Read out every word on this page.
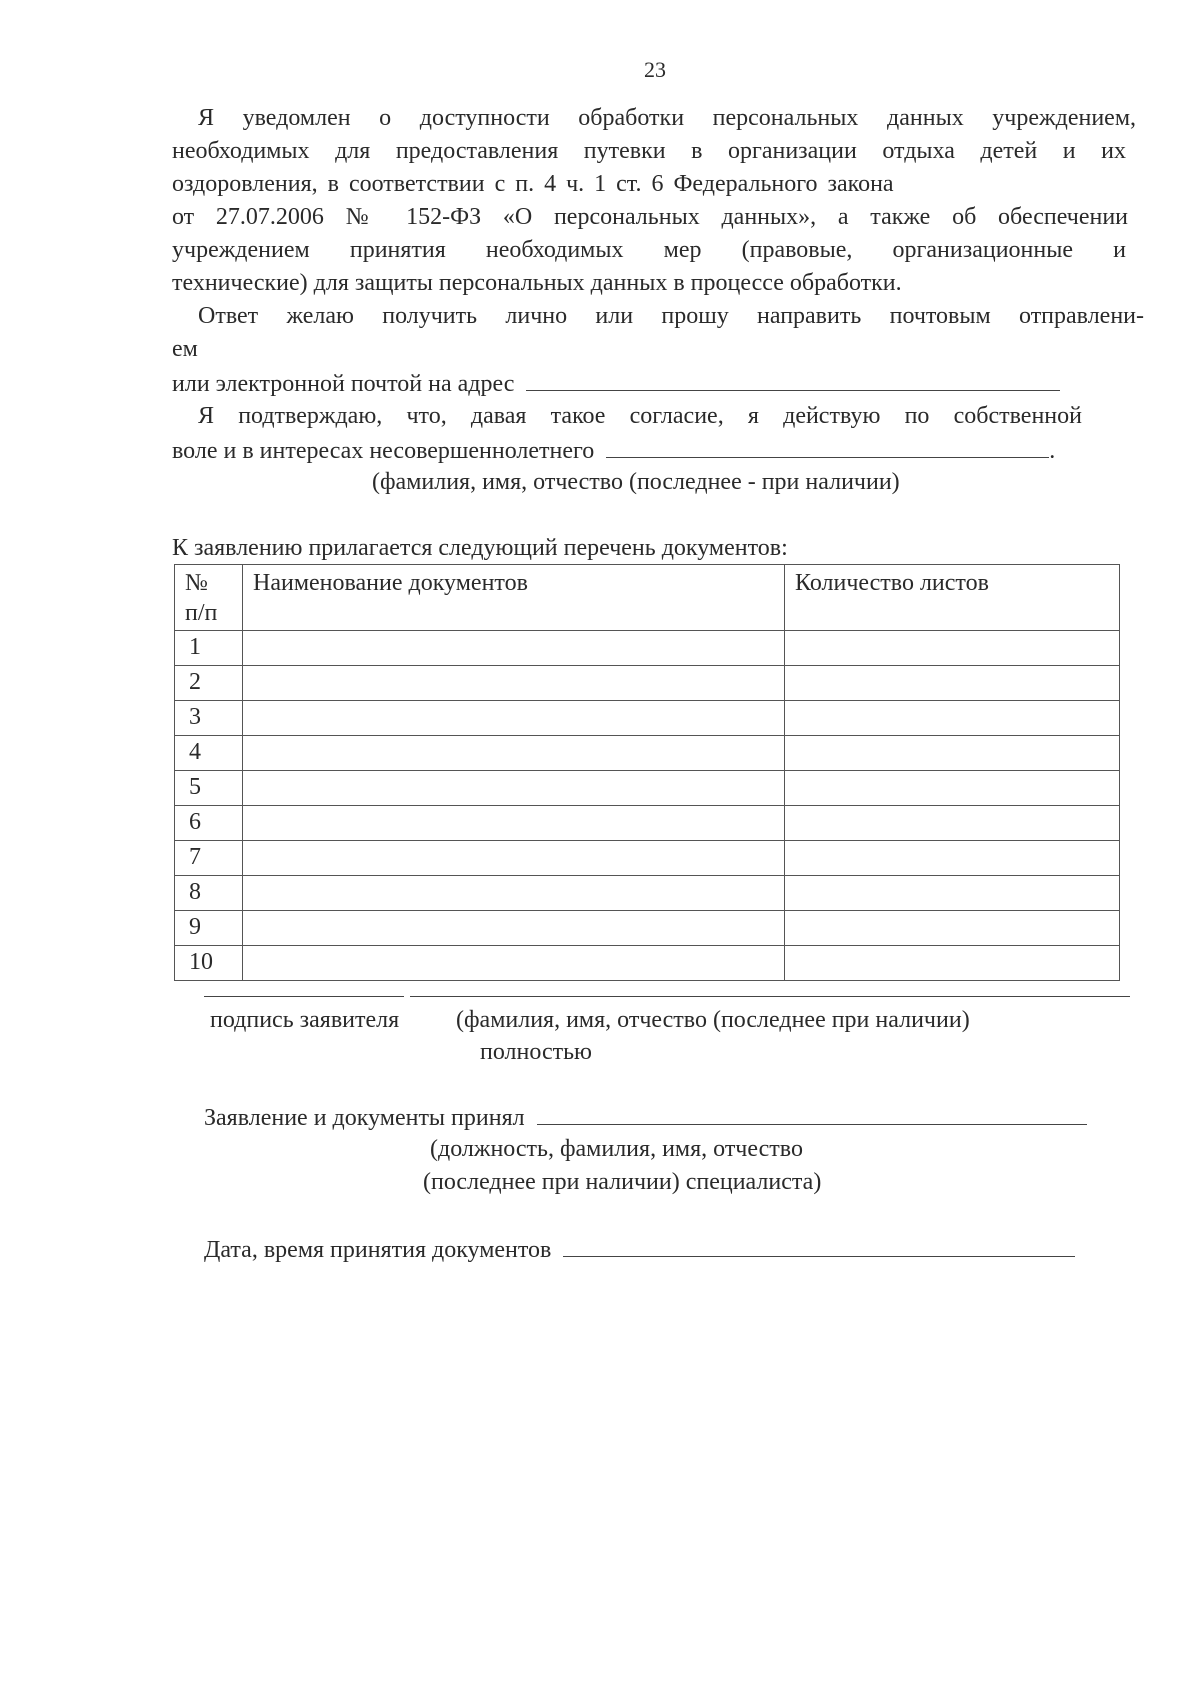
23
Я уведомлен о доступности обработки персональных данных учреждением,
необходимых для предоставления путевки в организации отдыха детей и их
оздоровления, в соответствии с п. 4 ч. 1 ст. 6 Федерального закона
от 27.07.2006 № 152-ФЗ «О персональных данных», а также об обеспечении
учреждением принятия необходимых мер (правовые, организационные и
технические) для защиты персональных данных в процессе обработки.
Ответ желаю получить лично или прошу направить почтовым отправлени-
ем
или электронной почтой на адрес
Я подтверждаю, что, давая такое согласие, я действую по собственной
воле и в интересах несовершеннолетнего	.
(фамилия, имя, отчество (последнее - при наличии)
К заявлению прилагается следующий перечень документов:
№ п/п	Наименование документов	Количество листов
1		
2		
3		
4		
5		
6		
7		
8		
9		
10		
подпись заявителя (фамилия, имя, отчество (последнее при наличии)
полностью
Заявление и документы принял
(должность, фамилия, имя, отчество
(последнее при наличии) специалиста)
Дата, время принятия документов
